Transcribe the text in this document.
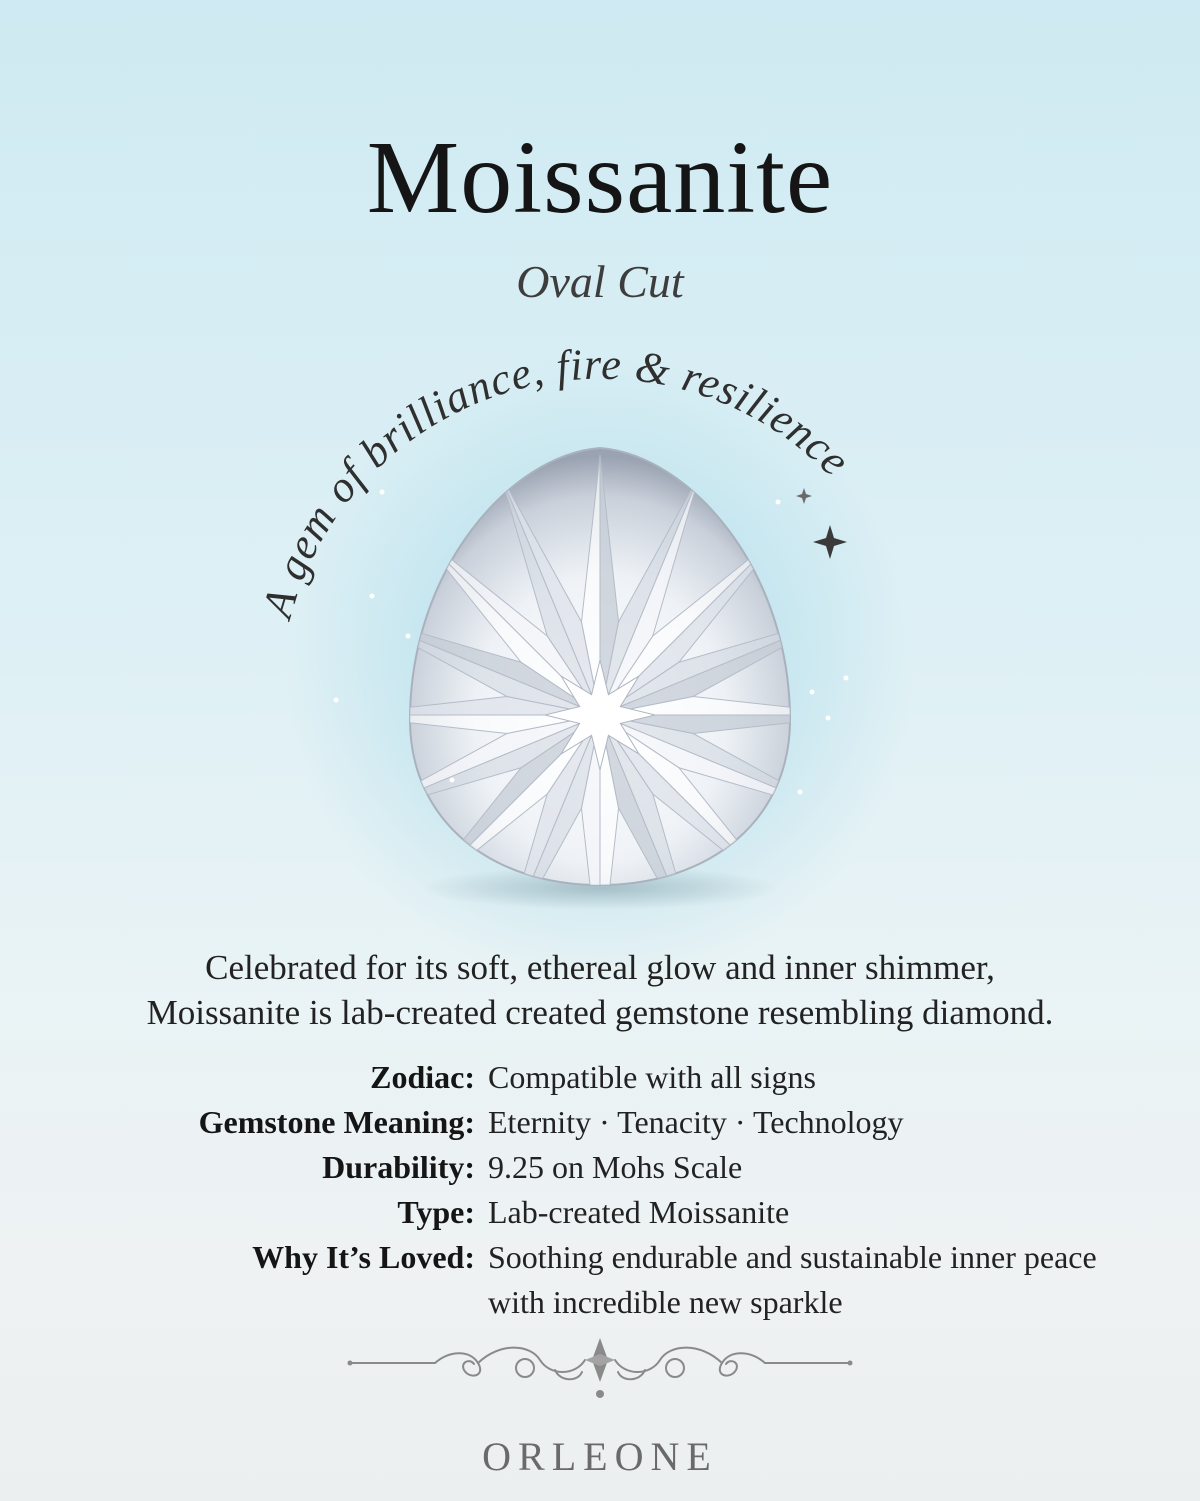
Moissanite
Oval Cut
A gem of brilliance, fire & resilience
Celebrated for its soft, ethereal glow and inner shimmer,
Moissanite is lab-created created gemstone resembling diamond.
Zodiac: Compatible with all signs
Gemstone Meaning: Eternity · Tenacity · Technology
Durability: 9.25 on Mohs Scale
Type: Lab-created Moissanite
Why It’s Loved: Soothing endurable and sustainable inner peace
with incredible new sparkle
ORLEONE
